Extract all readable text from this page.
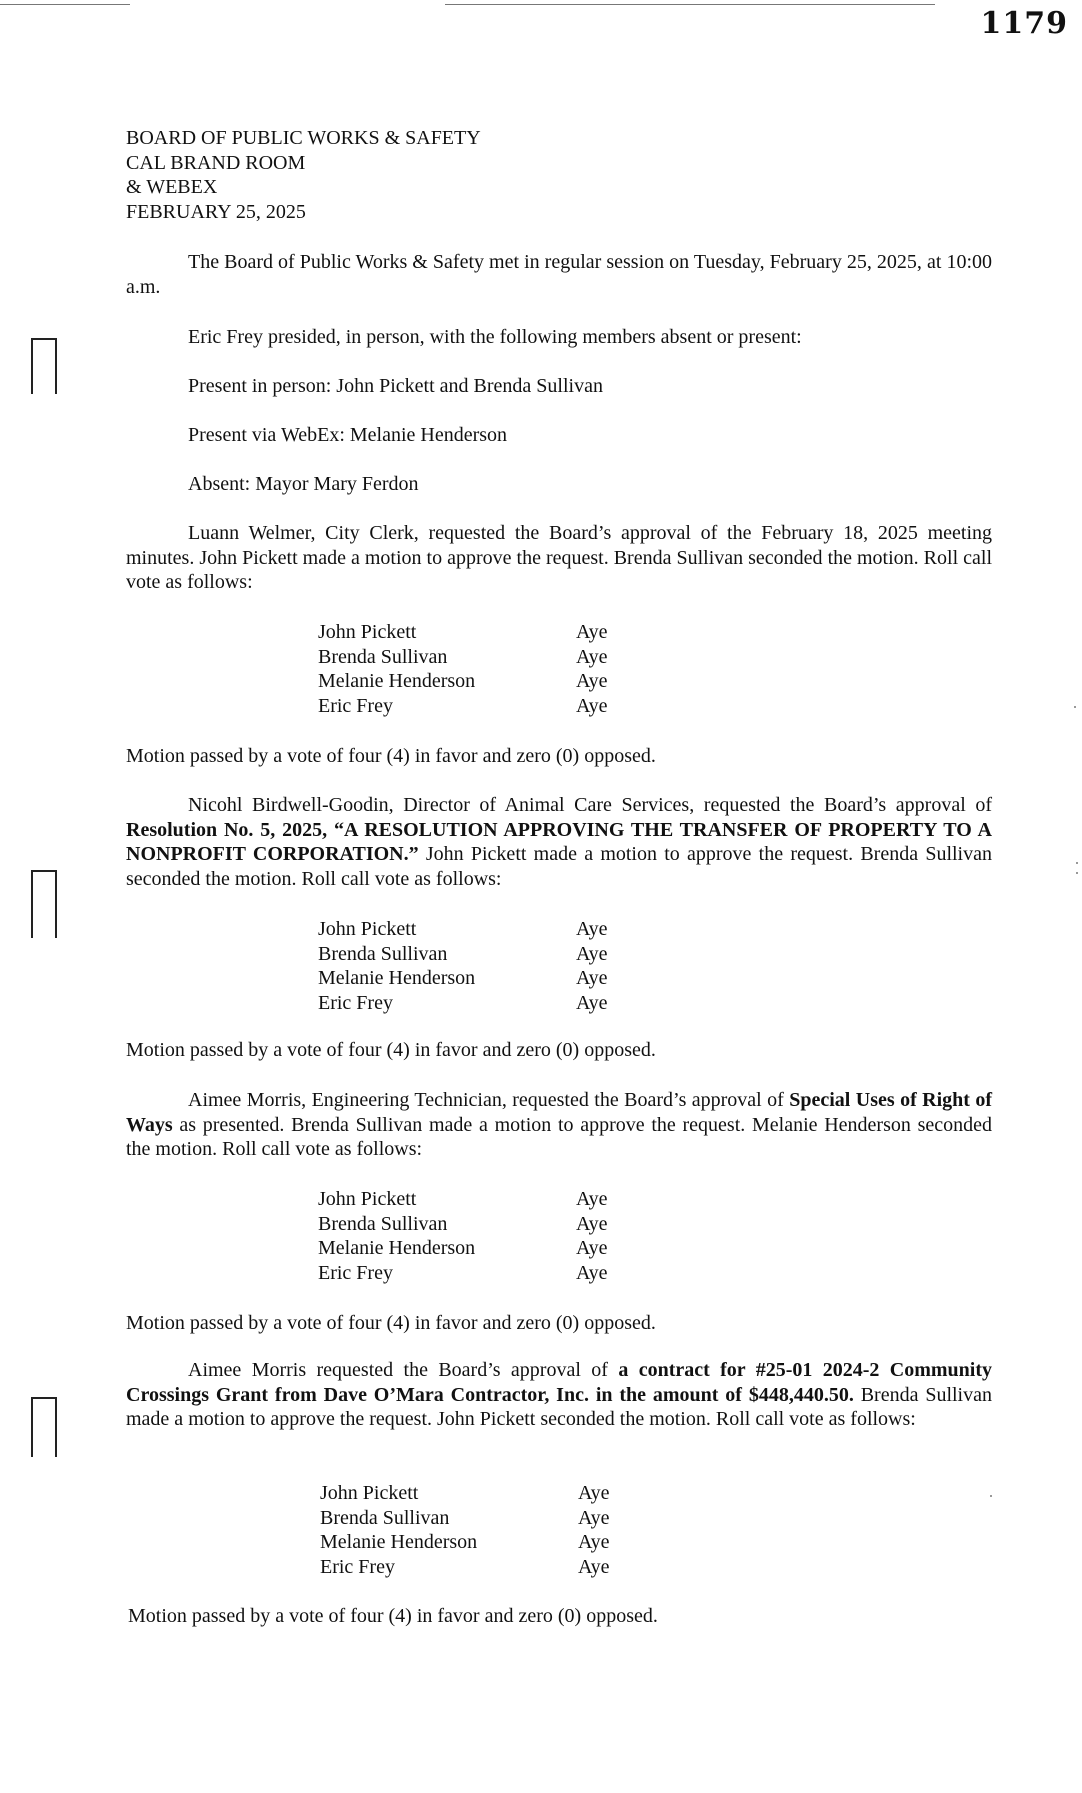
1179
BOARD OF PUBLIC WORKS & SAFETY
CAL BRAND ROOM
& WEBEX
FEBRUARY 25, 2025
The Board of Public Works & Safety met in regular session on Tuesday, February 25, 2025, at 10:00 a.m.
Eric Frey presided, in person, with the following members absent or present:
Present in person: John Pickett and Brenda Sullivan
Present via WebEx: Melanie Henderson
Absent: Mayor Mary Ferdon
Luann Welmer, City Clerk, requested the Board’s approval of the February 18, 2025 meeting minutes. John Pickett made a motion to approve the request. Brenda Sullivan seconded the motion. Roll call vote as follows:
John Pickett	Aye
Brenda Sullivan	Aye
Melanie Henderson	Aye
Eric Frey	Aye
Motion passed by a vote of four (4) in favor and zero (0) opposed.
Nicohl Birdwell-Goodin, Director of Animal Care Services, requested the Board’s approval of Resolution No. 5, 2025, “A RESOLUTION APPROVING THE TRANSFER OF PROPERTY TO A NONPROFIT CORPORATION.” John Pickett made a motion to approve the request. Brenda Sullivan seconded the motion. Roll call vote as follows:
John Pickett	Aye
Brenda Sullivan	Aye
Melanie Henderson	Aye
Eric Frey	Aye
Motion passed by a vote of four (4) in favor and zero (0) opposed.
Aimee Morris, Engineering Technician, requested the Board’s approval of Special Uses of Right of Ways as presented. Brenda Sullivan made a motion to approve the request. Melanie Henderson seconded the motion. Roll call vote as follows:
John Pickett	Aye
Brenda Sullivan	Aye
Melanie Henderson	Aye
Eric Frey	Aye
Motion passed by a vote of four (4) in favor and zero (0) opposed.
Aimee Morris requested the Board’s approval of a contract for #25-01 2024-2 Community Crossings Grant from Dave O’Mara Contractor, Inc. in the amount of $448,440.50. Brenda Sullivan made a motion to approve the request. John Pickett seconded the motion. Roll call vote as follows:
John Pickett	Aye
Brenda Sullivan	Aye
Melanie Henderson	Aye
Eric Frey	Aye
Motion passed by a vote of four (4) in favor and zero (0) opposed.
